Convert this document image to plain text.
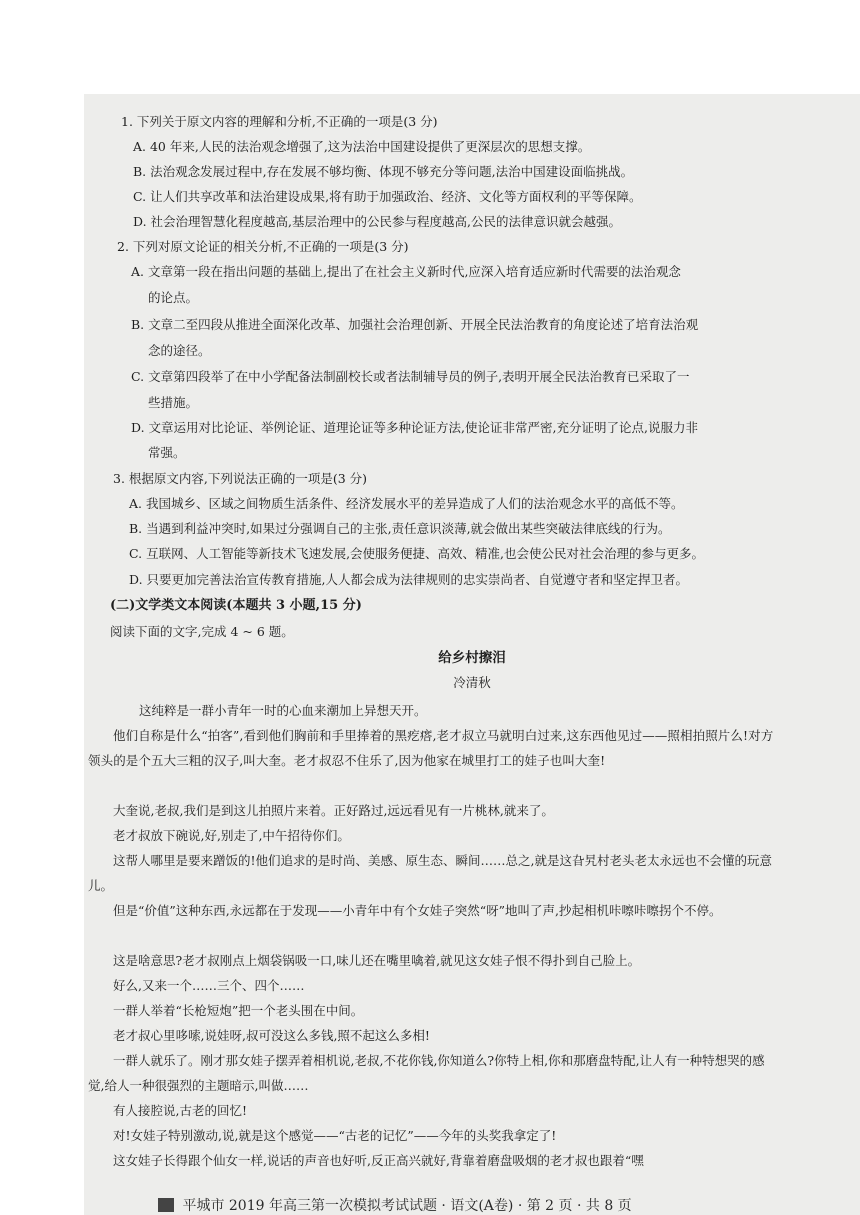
1. 下列关于原文内容的理解和分析,不正确的一项是(3 分)
A. 40 年来,人民的法治观念增强了,这为法治中国建设提供了更深层次的思想支撑。
B. 法治观念发展过程中,存在发展不够均衡、体现不够充分等问题,法治中国建设面临挑战。
C. 让人们共享改革和法治建设成果,将有助于加强政治、经济、文化等方面权利的平等保障。
D. 社会治理智慧化程度越高,基层治理中的公民参与程度越高,公民的法律意识就会越强。
2. 下列对原文论证的相关分析,不正确的一项是(3 分)
A. 文章第一段在指出问题的基础上,提出了在社会主义新时代,应深入培育适应新时代需要的法治观念
的论点。
B. 文章二至四段从推进全面深化改革、加强社会治理创新、开展全民法治教育的角度论述了培育法治观
念的途径。
C. 文章第四段举了在中小学配备法制副校长或者法制辅导员的例子,表明开展全民法治教育已采取了一
些措施。
D. 文章运用对比论证、举例论证、道理论证等多种论证方法,使论证非常严密,充分证明了论点,说服力非
常强。
3. 根据原文内容,下列说法正确的一项是(3 分)
A. 我国城乡、区域之间物质生活条件、经济发展水平的差异造成了人们的法治观念水平的高低不等。
B. 当遇到利益冲突时,如果过分强调自己的主张,责任意识淡薄,就会做出某些突破法律底线的行为。
C. 互联网、人工智能等新技术飞速发展,会使服务便捷、高效、精准,也会使公民对社会治理的参与更多。
D. 只要更加完善法治宣传教育措施,人人都会成为法律规则的忠实崇尚者、自觉遵守者和坚定捍卫者。
(二)文学类文本阅读(本题共 3 小题,15 分)
阅读下面的文字,完成 4 ~ 6 题。
给乡村擦泪
冷清秋
这纯粹是一群小青年一时的心血来潮加上异想天开。
他们自称是什么“拍客”,看到他们胸前和手里捧着的黑疙瘩,老才叔立马就明白过来,这东西他见过——照相拍照片么!对方领头的是个五大三粗的汉子,叫大奎。老才叔忍不住乐了,因为他家在城里打工的娃子也叫大奎!
大奎说,老叔,我们是到这儿拍照片来着。正好路过,远远看见有一片桃林,就来了。
老才叔放下碗说,好,别走了,中午招待你们。
这帮人哪里是要来蹭饭的!他们追求的是时尚、美感、原生态、瞬间……总之,就是这旮旯村老头老太永远也不会懂的玩意儿。
但是“价值”这种东西,永远都在于发现——小青年中有个女娃子突然“呀”地叫了声,抄起相机咔嚓咔嚓拐个不停。
这是啥意思?老才叔刚点上烟袋锅吸一口,味儿还在嘴里噙着,就见这女娃子恨不得扑到自己脸上。
好么,又来一个……三个、四个……
一群人举着“长枪短炮”把一个老头围在中间。
老才叔心里哆嗦,说娃呀,叔可没这么多钱,照不起这么多相!
一群人就乐了。刚才那女娃子摆弄着相机说,老叔,不花你钱,你知道么?你特上相,你和那磨盘特配,让人有一种特想哭的感觉,给人一种很强烈的主题暗示,叫做……
有人接腔说,古老的回忆!
对!女娃子特别激动,说,就是这个感觉——“古老的记忆”——今年的头奖我拿定了!
这女娃子长得跟个仙女一样,说话的声音也好听,反正高兴就好,背靠着磨盘吸烟的老才叔也跟着“嘿
平城市 2019 年高三第一次模拟考试试题 · 语文(A卷) · 第 2 页 · 共 8 页
